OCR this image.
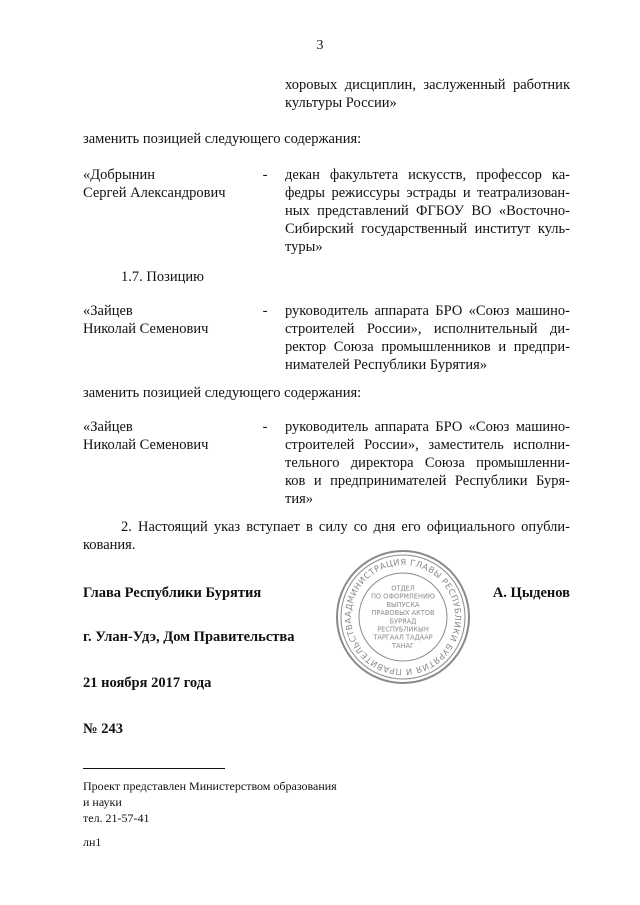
3
хоровых дисциплин, заслуженный работник
культуры России»
заменить позицией следующего содержания:
«Добрынин
Сергей Александрович
- декан факультета искусств, профессор ка-
федры режиссуры эстрады и театрализован-
ных представлений ФГБОУ ВО «Восточно-
Сибирский государственный институт куль-
туры»
1.7. Позицию
«Зайцев
Николай Семенович
- руководитель аппарата БРО «Союз машино-
строителей России», исполнительный ди-
ректор Союза промышленников и предпри-
нимателей Республики Бурятия»
заменить позицией следующего содержания:
«Зайцев
Николай Семенович
- руководитель аппарата БРО «Союз машино-
строителей России», заместитель исполни-
тельного директора Союза промышленни-
ков и предпринимателей Республики Буря-
тия»
2. Настоящий указ вступает в силу со дня его официального опубли-
кования.
Глава Республики Бурятия	А. Цыденов
АДМИНИСТРАЦИЯ ГЛАВЫ РЕСПУБЛИКИ БУРЯТИЯ И ПРАВИТЕЛЬСТВА
ОТДЕЛ
ПО ОФОРМЛЕНИЮ
ВЫПУСКА
ПРАВОВЫХ АКТОВ
БУРЯАД
РЕСПУБЛИКЫН
ТАРГААЛ ТАДААР
ТАНАГ
г. Улан-Удэ, Дом Правительства
21 ноября 2017 года
№ 243
Проект представлен Министерством образования
и науки
тел. 21-57-41
лн1
